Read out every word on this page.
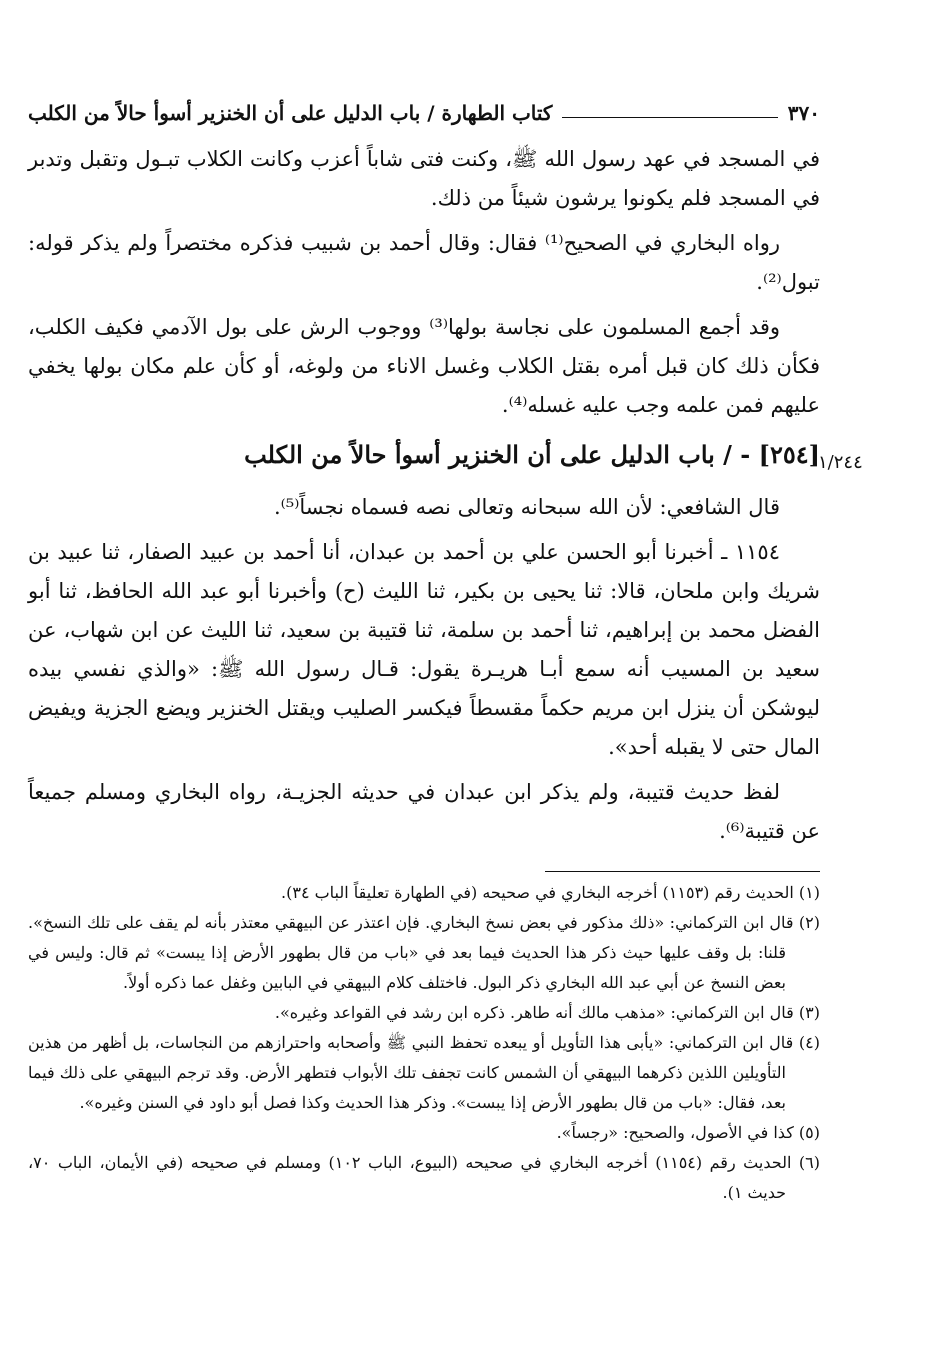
٣٧٠
كتاب الطهارة / باب الدليل على أن الخنزير أسوأ حالاً من الكلب

في المسجد في عهد رسول الله ﷺ، وكنت فتى شاباً أعزب وكانت الكلاب تبـول وتقبل وتدبر في المسجد فلم يكونوا يرشون شيئاً من ذلك.

رواه البخاري في الصحيح⁽¹⁾ فقال: وقال أحمد بن شبيب فذكره مختصراً ولم يذكر قوله: تبول⁽²⁾.

وقد أجمع المسلمون على نجاسة بولها⁽³⁾ ووجوب الرش على بول الآدمي فكيف الكلب، فكأن ذلك كان قبل أمره بقتل الكلاب وغسل الاناء من ولوغه، أو كأن علم مكان بولها يخفي عليهم فمن علمه وجب عليه غسله⁽⁴⁾.

[٢٥٤] - / باب الدليل على أن الخنزير أسوأ حالاً من الكلب
١/٢٤٤

قال الشافعي: لأن الله سبحانه وتعالى نصه فسماه نجساً⁽⁵⁾.

١١٥٤ ـ أخبرنا أبو الحسن علي بن أحمد بن عبدان، أنا أحمد بن عبيد الصفار، ثنا عبيد بن شريك وابن ملحان، قالا: ثنا يحيى بن بكير، ثنا الليث (ح) وأخبرنا أبو عبد الله الحافظ، ثنا أبو الفضل محمد بن إبراهيم، ثنا أحمد بن سلمة، ثنا قتيبة بن سعيد، ثنا الليث عن ابن شهاب، عن سعيد بن المسيب أنه سمع أبـا هريـرة يقول: قـال رسول الله ﷺ: «والذي نفسي بيده ليوشكن أن ينزل ابن مريم حكماً مقسطاً فيكسر الصليب ويقتل الخنزير ويضع الجزية ويفيض المال حتى لا يقبله أحد».

لفظ حديث قتيبة، ولم يذكر ابن عبدان في حديثه الجزيـة، رواه البخاري ومسلم جميعاً عن قتيبة⁽⁶⁾.

(١) الحديث رقم (١١٥٣) أخرجه البخاري في صحيحه (في الطهارة تعليقاً الباب ٣٤).

(٢) قال ابن التركماني: «ذلك مذكور في بعض نسخ البخاري. فإن اعتذر عن البيهقي معتذر بأنه لم يقف على تلك النسخ». قلنا: بل وقف عليها حيث ذكر هذا الحديث فيما بعد في «باب من قال بطهور الأرض إذا يبست» ثم قال: وليس في بعض النسخ عن أبي عبد الله البخاري ذكر البول. فاختلف كلام البيهقي في البابين وغفل عما ذكره أولاً.

(٣) قال ابن التركماني: «مذهب مالك أنه طاهر. ذكره ابن رشد في القواعد وغيره».

(٤) قال ابن التركماني: «يأبى هذا التأويل أو يبعده تحفظ النبي ﷺ وأصحابه واحترازهم من النجاسات، بل أظهر من هذين التأويلين اللذين ذكرهما البيهقي أن الشمس كانت تجفف تلك الأبواب فتطهر الأرض. وقد ترجم البيهقي على ذلك فيما بعد، فقال: «باب من قال بطهور الأرض إذا يبست». وذكر هذا الحديث وكذا فصل أبو داود في السنن وغيره».

(٥) كذا في الأصول، والصحيح: «رجساً».

(٦) الحديث رقم (١١٥٤) أخرجه البخاري في صحيحه (البيوع، الباب ١٠٢) ومسلم في صحيحه (في الأيمان، الباب ٧٠، حديث ١).
